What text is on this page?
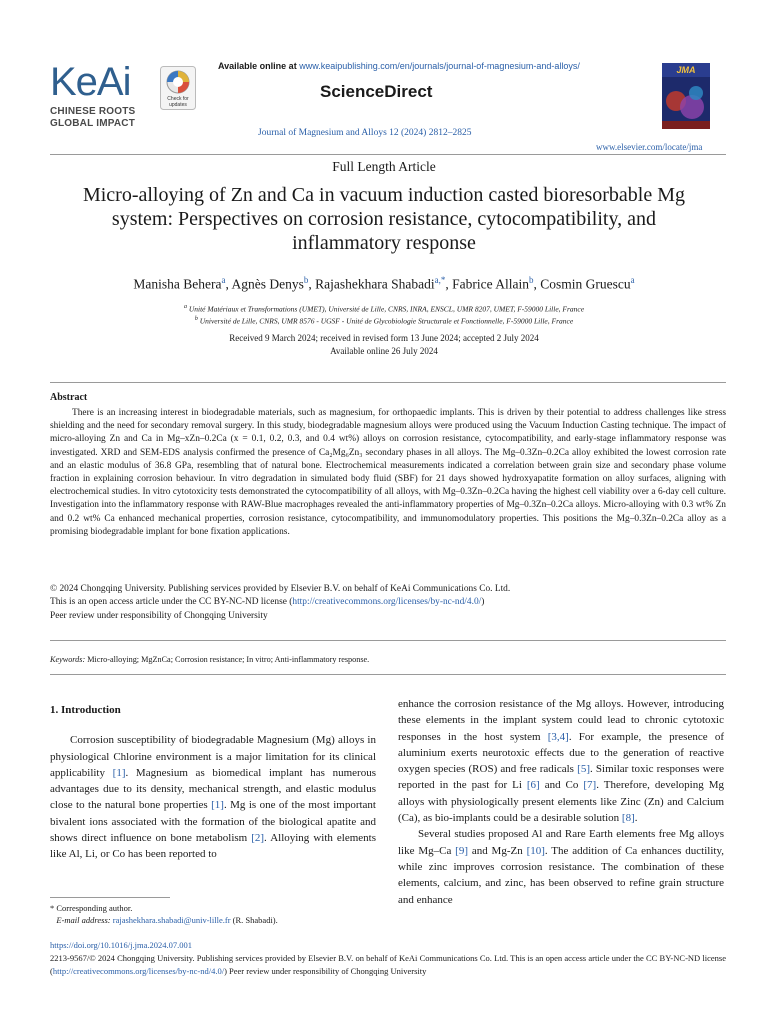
KeAi
CHINESE ROOTS
GLOBAL IMPACT
Check for updates
Available online at www.keaipublishing.com/en/journals/journal-of-magnesium-and-alloys/
ScienceDirect
Journal of Magnesium and Alloys 12 (2024) 2812–2825
JMA
www.elsevier.com/locate/jma
Full Length Article
Micro-alloying of Zn and Ca in vacuum induction casted bioresorbable Mg system: Perspectives on corrosion resistance, cytocompatibility, and inflammatory response
Manisha Behera$^a$, Agnès Denys$^b$, Rajashekhara Shabadi$^{a,*}$, Fabrice Allain$^b$, Cosmin Gruescu$^a$
$^a$ Unité Matériaux et Transformations (UMET), Université de Lille, CNRS, INRA, ENSCL, UMR 8207, UMET, F-59000 Lille, France
$^b$ Université de Lille, CNRS, UMR 8576 - UGSF - Unité de Glycobiologie Structurale et Fonctionnelle, F-59000 Lille, France
Received 9 March 2024; received in revised form 13 June 2024; accepted 2 July 2024
Available online 26 July 2024
Abstract

There is an increasing interest in biodegradable materials, such as magnesium, for orthopaedic implants. This is driven by their potential to address challenges like stress shielding and the need for secondary removal surgery. In this study, biodegradable magnesium alloys were produced using the Vacuum Induction Casting technique. The impact of micro-alloying Zn and Ca in Mg–xZn–0.2Ca (x = 0.1, 0.2, 0.3, and 0.4 wt%) alloys on corrosion resistance, cytocompatibility, and early-stage inflammatory response was investigated. XRD and SEM-EDS analysis confirmed the presence of Ca₂Mg₆Zn₃ secondary phases in all alloys. The Mg–0.3Zn–0.2Ca alloy exhibited the lowest corrosion rate and an elastic modulus of 36.8 GPa, resembling that of natural bone. Electrochemical measurements indicated a correlation between grain size and secondary phase volume fraction in explaining corrosion behaviour. In vitro degradation in simulated body fluid (SBF) for 21 days showed hydroxyapatite formation on alloy surfaces, aligning with electrochemical studies. In vitro cytotoxicity tests demonstrated the cytocompatibility of all alloys, with Mg–0.3Zn–0.2Ca having the highest cell viability over a 6-day cell culture. Investigation into the inflammatory response with RAW-Blue macrophages revealed the anti-inflammatory properties of Mg–0.3Zn–0.2Ca alloys. Micro-alloying with 0.3 wt% Zn and 0.2 wt% Ca enhanced mechanical properties, corrosion resistance, cytocompatibility, and immunomodulatory properties. This positions the Mg–0.3Zn–0.2Ca alloy as a promising biodegradable implant for bone fixation applications.

© 2024 Chongqing University. Publishing services provided by Elsevier B.V. on behalf of KeAi Communications Co. Ltd.
This is an open access article under the CC BY-NC-ND license (http://creativecommons.org/licenses/by-nc-nd/4.0/)
Peer review under responsibility of Chongqing University
Keywords: Micro-alloying; MgZnCa; Corrosion resistance; In vitro; Anti-inflammatory response.

1. Introduction

Corrosion susceptibility of biodegradable Magnesium (Mg) alloys in physiological Chlorine environment is a major limitation for its clinical applicability [1]. Magnesium as biomedical implant has numerous advantages due to its density, mechanical strength, and elastic modulus close to the natural bone properties [1]. Mg is one of the most important bivalent ions associated with the formation of the biological apatite and shows direct influence on bone metabolism [2]. Alloying with elements like Al, Li, or Co has been reported to

enhance the corrosion resistance of the Mg alloys. However, introducing these elements in the implant system could lead to chronic cytotoxic responses in the host system [3,4]. For example, the presence of aluminium exerts neurotoxic effects due to the generation of reactive oxygen species (ROS) and free radicals [5]. Similar toxic responses were reported in the past for Li [6] and Co [7]. Therefore, developing Mg alloys with physiologically present elements like Zinc (Zn) and Calcium (Ca), as bio-implants could be a desirable solution [8].

Several studies proposed Al and Rare Earth elements free Mg alloys like Mg–Ca [9] and Mg-Zn [10]. The addition of Ca enhances ductility, while zinc improves corrosion resistance. The combination of these elements, calcium, and zinc, has been observed to refine grain structure and enhance

* Corresponding author.
E-mail address: rajashekhara.shabadi@univ-lille.fr (R. Shabadi).
https://doi.org/10.1016/j.jma.2024.07.001
2213-9567/© 2024 Chongqing University. Publishing services provided by Elsevier B.V. on behalf of KeAi Communications Co. Ltd. This is an open access article under the CC BY-NC-ND license (http://creativecommons.org/licenses/by-nc-nd/4.0/) Peer review under responsibility of Chongqing University
